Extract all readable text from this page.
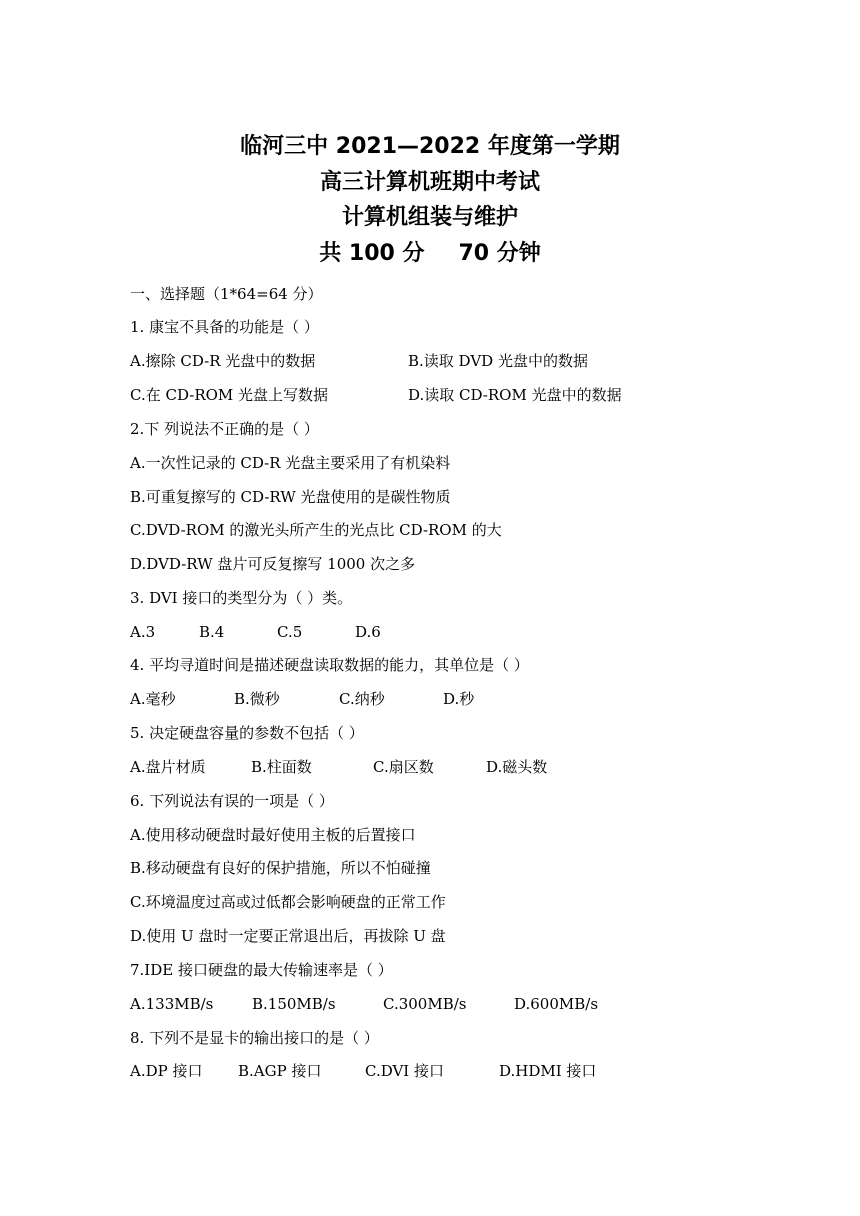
临河三中 2021—2022 年度第一学期
高三计算机班期中考试
计算机组装与维护
共 100 分 70 分钟
一、选择题（1*64=64 分）
1. 康宝不具备的功能是（ ）
A.擦除 CD-R 光盘中的数据	B.读取 DVD 光盘中的数据
C.在 CD-ROM 光盘上写数据	D.读取 CD-ROM 光盘中的数据
2.下 列说法不正确的是（ ）
A.一次性记录的 CD-R 光盘主要采用了有机染料
B.可重复擦写的 CD-RW 光盘使用的是碳性物质
C.DVD-ROM 的激光头所产生的光点比 CD-ROM 的大
D.DVD-RW 盘片可反复擦写 1000 次之多
3. DVI 接口的类型分为（ ）类。
A.3	B.4	C.5	D.6
4. 平均寻道时间是描述硬盘读取数据的能力，其单位是（ ）
A.毫秒	B.微秒	C.纳秒	D.秒
5. 决定硬盘容量的参数不包括（ ）
A.盘片材质	B.柱面数	C.扇区数	D.磁头数
6. 下列说法有误的一项是（ ）
A.使用移动硬盘时最好使用主板的后置接口
B.移动硬盘有良好的保护措施，所以不怕碰撞
C.环境温度过高或过低都会影响硬盘的正常工作
D.使用 U 盘时一定要正常退出后，再拔除 U 盘
7.IDE 接口硬盘的最大传输速率是（ ）
A.133MB/s	B.150MB/s	C.300MB/s	D.600MB/s
8. 下列不是显卡的输出接口的是（ ）
A.DP 接口 B.AGP 接口	C.DVI 接口	D.HDMI 接口
